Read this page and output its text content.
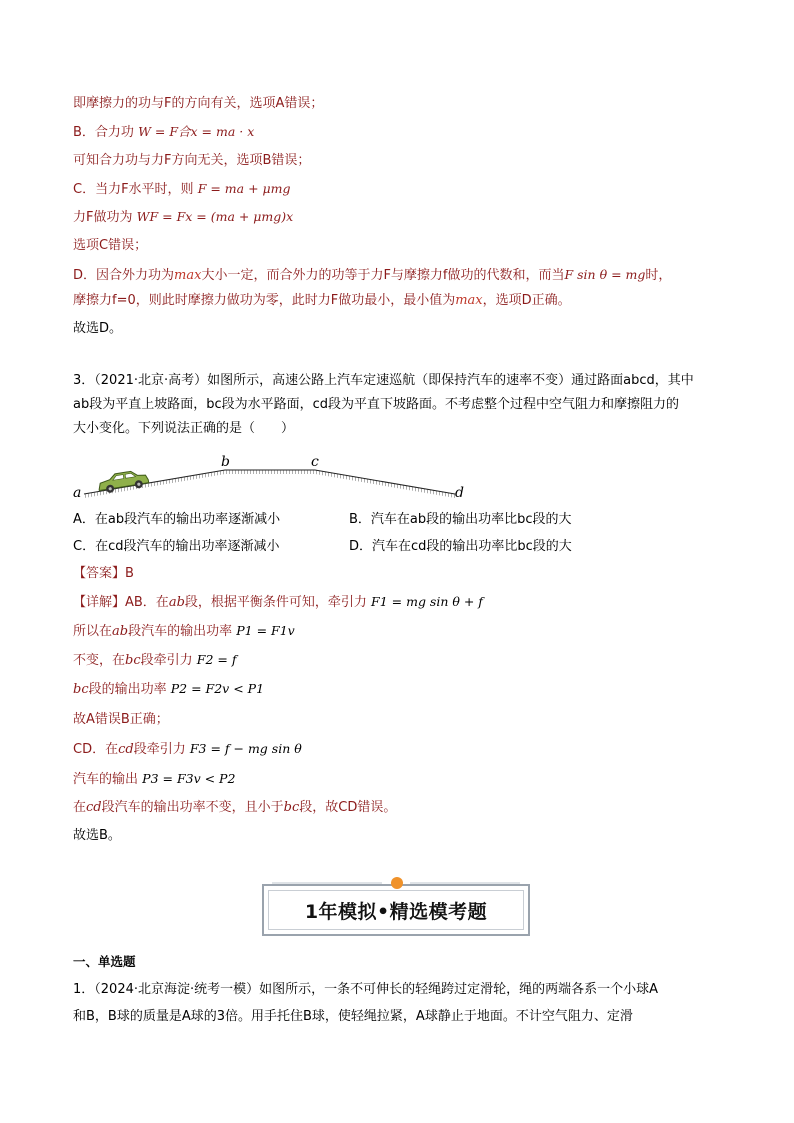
即摩擦力的功与F的方向有关，选项A错误；
B．合力功 W = F合x = ma · x
可知合力功与力F方向无关，选项B错误；
C．当力F水平时，则 F = ma + μmg
力F做功为 WF = Fx = (ma + μmg)x
选项C错误；
D．因合外力功为max大小一定，而合外力的功等于力F与摩擦力f做功的代数和，而当F sin θ = mg时，
摩擦力f=0，则此时摩擦力做功为零，此时力F做功最小，最小值为max，选项D正确。
故选D。
3．（2021·北京·高考）如图所示，高速公路上汽车定速巡航（即保持汽车的速率不变）通过路面abcd，其中
ab段为平直上坡路面，bc段为水平路面，cd段为平直下坡路面。不考虑整个过程中空气阻力和摩擦阻力的
大小变化。下列说法正确的是（　　）
a
b	c
d
A．在ab段汽车的输出功率逐渐减小	B．汽车在ab段的输出功率比bc段的大
C．在cd段汽车的输出功率逐渐减小	D．汽车在cd段的输出功率比bc段的大
【答案】B
【详解】AB．在ab段，根据平衡条件可知，牵引力 F1 = mg sin θ + f
所以在ab段汽车的输出功率 P1 = F1v
不变，在bc段牵引力 F2 = f
bc段的输出功率 P2 = F2v < P1
故A错误B正确；
CD．在cd段牵引力 F3 = f − mg sin θ
汽车的输出 P3 = F3v < P2
在cd段汽车的输出功率不变，且小于bc段，故CD错误。
故选B。
1年模拟•精选模考题
一、单选题
1．（2024·北京海淀·统考一模）如图所示，一条不可伸长的轻绳跨过定滑轮，绳的两端各系一个小球A
和B，B球的质量是A球的3倍。用手托住B球，使轻绳拉紧，A球静止于地面。不计空气阻力、定滑
